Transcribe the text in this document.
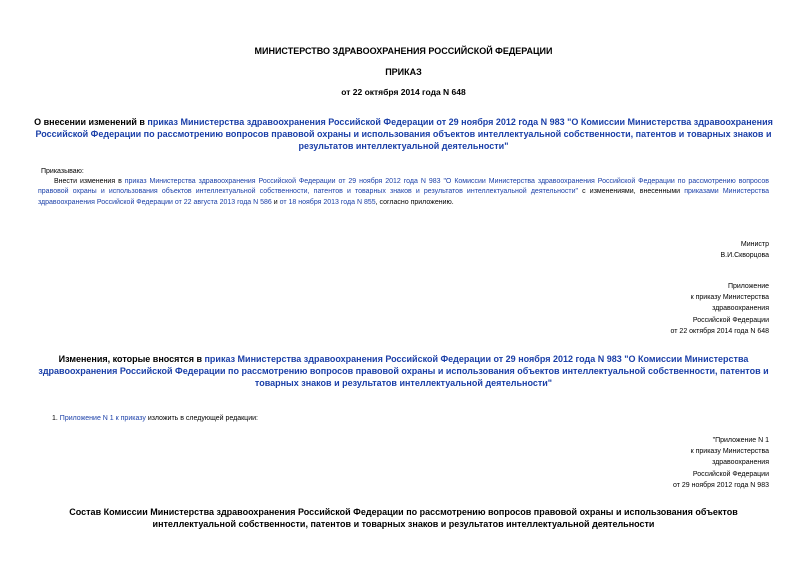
МИНИСТЕРСТВО ЗДРАВООХРАНЕНИЯ РОССИЙСКОЙ ФЕДЕРАЦИИ
ПРИКАЗ
от 22 октября 2014 года N 648
О внесении изменений в приказ Министерства здравоохранения Российской Федерации от 29 ноября 2012 года N 983 "О Комиссии Министерства здравоохранения Российской Федерации по рассмотрению вопросов правовой охраны и использования объектов интеллектуальной собственности, патентов и товарных знаков и результатов интеллектуальной деятельности"
Приказываю:
Внести изменения в приказ Министерства здравоохранения Российской Федерации от 29 ноября 2012 года N 983 "О Комиссии Министерства здравоохранения Российской Федерации по рассмотрению вопросов правовой охраны и использования объектов интеллектуальной собственности, патентов и товарных знаков и результатов интеллектуальной деятельности" с изменениями, внесенными приказами Министерства здравоохранения Российской Федерации от 22 августа 2013 года N 586 и от 18 ноября 2013 года N 855, согласно приложению.
Министр
В.И.Скворцова
Приложение
к приказу Министерства
здравоохранения
Российской Федерации
от 22 октября 2014 года N 648
Изменения, которые вносятся в приказ Министерства здравоохранения Российской Федерации от 29 ноября 2012 года N 983 "О Комиссии Министерства здравоохранения Российской Федерации по рассмотрению вопросов правовой охраны и использования объектов интеллектуальной собственности, патентов и товарных знаков и результатов интеллектуальной деятельности"
1. Приложение N 1 к приказу изложить в следующей редакции:
"Приложение N 1
к приказу Министерства
здравоохранения
Российской Федерации
от 29 ноября 2012 года N 983
Состав Комиссии Министерства здравоохранения Российской Федерации по рассмотрению вопросов правовой охраны и использования объектов интеллектуальной собственности, патентов и товарных знаков и результатов интеллектуальной деятельности
